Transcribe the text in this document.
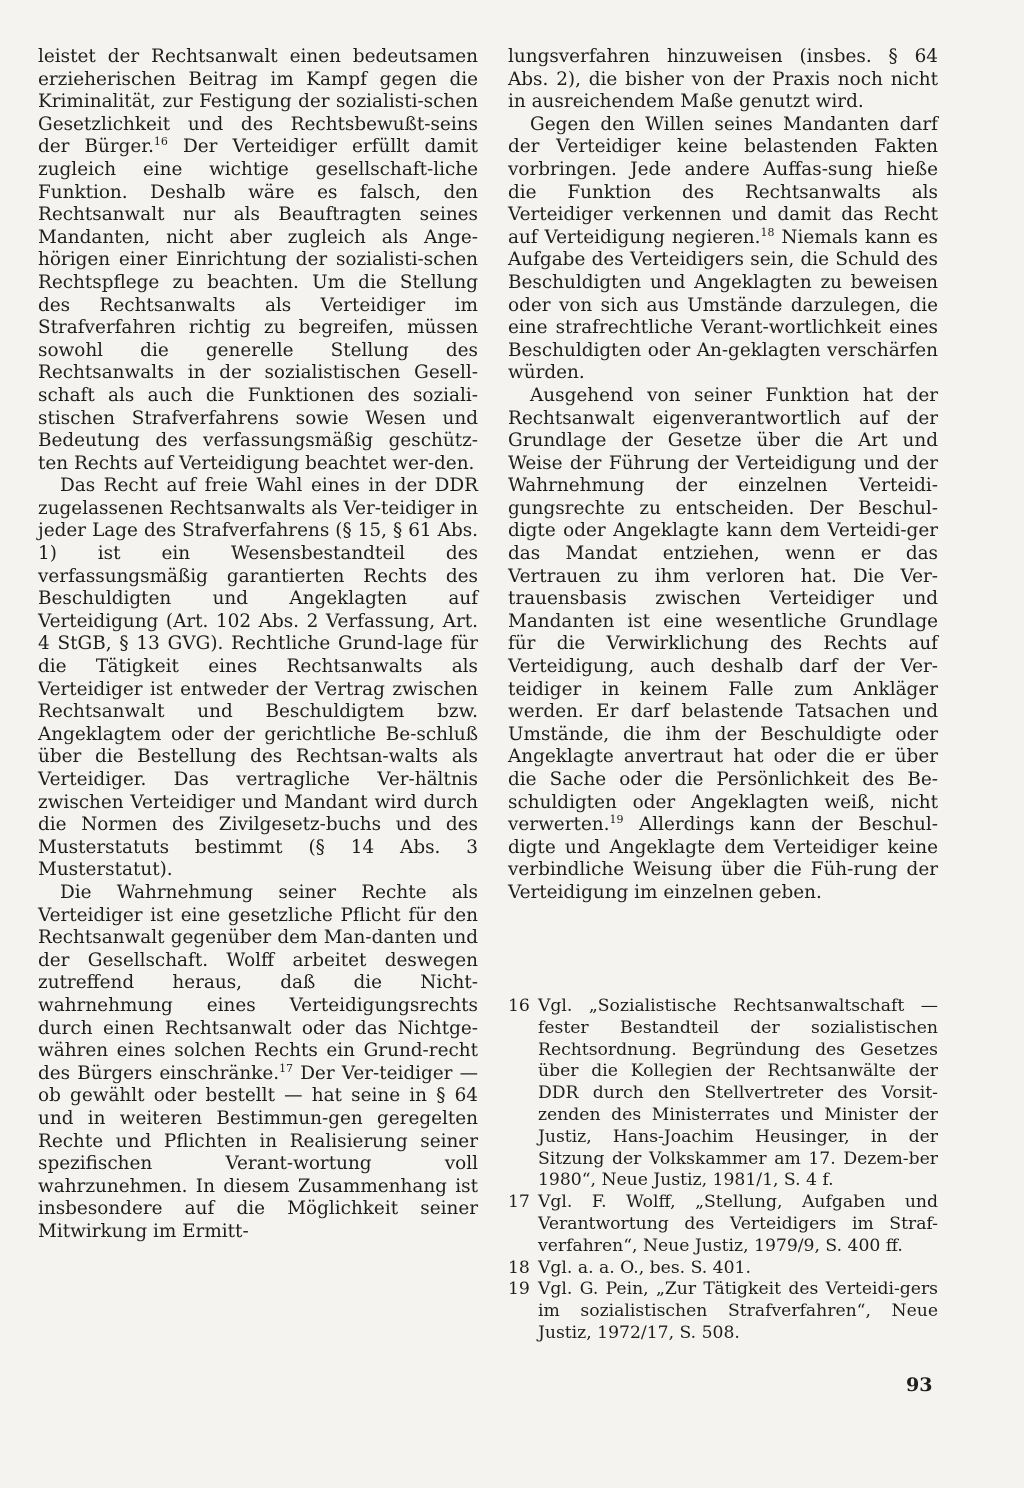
leistet der Rechtsanwalt einen bedeutsamen erzieherischen Beitrag im Kampf gegen die Kriminalität, zur Festigung der sozialisti-schen Gesetzlichkeit und des Rechtsbewußt-seins der Bürger.$^{16}$ Der Verteidiger erfüllt damit zugleich eine wichtige gesellschaft-liche Funktion. Deshalb wäre es falsch, den Rechtsanwalt nur als Beauftragten seines Mandanten, nicht aber zugleich als Ange-hörigen einer Einrichtung der sozialisti-schen Rechtspflege zu beachten. Um die Stellung des Rechtsanwalts als Verteidiger im Strafverfahren richtig zu begreifen, müssen sowohl die generelle Stellung des Rechtsanwalts in der sozialistischen Gesell-schaft als auch die Funktionen des soziali-stischen Strafverfahrens sowie Wesen und Bedeutung des verfassungsmäßig geschütz-ten Rechts auf Verteidigung beachtet wer-den.

Das Recht auf freie Wahl eines in der DDR zugelassenen Rechtsanwalts als Ver-teidiger in jeder Lage des Strafverfahrens (§ 15, § 61 Abs. 1) ist ein Wesensbestandteil des verfassungsmäßig garantierten Rechts des Beschuldigten und Angeklagten auf Verteidigung (Art. 102 Abs. 2 Verfassung, Art. 4 StGB, § 13 GVG). Rechtliche Grund-lage für die Tätigkeit eines Rechtsanwalts als Verteidiger ist entweder der Vertrag zwischen Rechtsanwalt und Beschuldigtem bzw. Angeklagtem oder der gerichtliche Be-schluß über die Bestellung des Rechtsan-walts als Verteidiger. Das vertragliche Ver-hältnis zwischen Verteidiger und Mandant wird durch die Normen des Zivilgesetz-buchs und des Musterstatuts bestimmt (§ 14 Abs. 3 Musterstatut).

Die Wahrnehmung seiner Rechte als Verteidiger ist eine gesetzliche Pflicht für den Rechtsanwalt gegenüber dem Man-danten und der Gesellschaft. Wolff arbeitet deswegen zutreffend heraus, daß die Nicht-wahrnehmung eines Verteidigungsrechts durch einen Rechtsanwalt oder das Nichtge-währen eines solchen Rechts ein Grund-recht des Bürgers einschränke.$^{17}$ Der Ver-teidiger — ob gewählt oder bestellt — hat seine in § 64 und in weiteren Bestimmun-gen geregelten Rechte und Pflichten in Realisierung seiner spezifischen Verant-wortung voll wahrzunehmen. In diesem Zusammenhang ist insbesondere auf die Möglichkeit seiner Mitwirkung im Ermitt-

lungsverfahren hinzuweisen (insbes. § 64 Abs. 2), die bisher von der Praxis noch nicht in ausreichendem Maße genutzt wird.

Gegen den Willen seines Mandanten darf der Verteidiger keine belastenden Fakten vorbringen. Jede andere Auffas-sung hieße die Funktion des Rechtsanwalts als Verteidiger verkennen und damit das Recht auf Verteidigung negieren.$^{18}$ Niemals kann es Aufgabe des Verteidigers sein, die Schuld des Beschuldigten und Angeklagten zu beweisen oder von sich aus Umstände darzulegen, die eine strafrechtliche Verant-wortlichkeit eines Beschuldigten oder An-geklagten verschärfen würden.

Ausgehend von seiner Funktion hat der Rechtsanwalt eigenverantwortlich auf der Grundlage der Gesetze über die Art und Weise der Führung der Verteidigung und der Wahrnehmung der einzelnen Verteidi-gungsrechte zu entscheiden. Der Beschul-digte oder Angeklagte kann dem Verteidi-ger das Mandat entziehen, wenn er das Vertrauen zu ihm verloren hat. Die Ver-trauensbasis zwischen Verteidiger und Mandanten ist eine wesentliche Grundlage für die Verwirklichung des Rechts auf Verteidigung, auch deshalb darf der Ver-teidiger in keinem Falle zum Ankläger werden. Er darf belastende Tatsachen und Umstände, die ihm der Beschuldigte oder Angeklagte anvertraut hat oder die er über die Sache oder die Persönlichkeit des Be-schuldigten oder Angeklagten weiß, nicht verwerten.$^{19}$ Allerdings kann der Beschul-digte und Angeklagte dem Verteidiger keine verbindliche Weisung über die Füh-rung der Verteidigung im einzelnen geben.

16 Vgl. „Sozialistische Rechtsanwaltschaft — fester Bestandteil der sozialistischen Rechtsordnung. Begründung des Gesetzes über die Kollegien der Rechtsanwälte der DDR durch den Stellvertreter des Vorsit-zenden des Ministerrates und Minister der Justiz, Hans-Joachim Heusinger, in der Sitzung der Volkskammer am 17. Dezem-ber 1980“, Neue Justiz, 1981/1, S. 4 f.

17 Vgl. F. Wolff, „Stellung, Aufgaben und Verantwortung des Verteidigers im Straf-verfahren“, Neue Justiz, 1979/9, S. 400 ff.

18 Vgl. a. a. O., bes. S. 401.

19 Vgl. G. Pein, „Zur Tätigkeit des Verteidi-gers im sozialistischen Strafverfahren“, Neue Justiz, 1972/17, S. 508.

93
